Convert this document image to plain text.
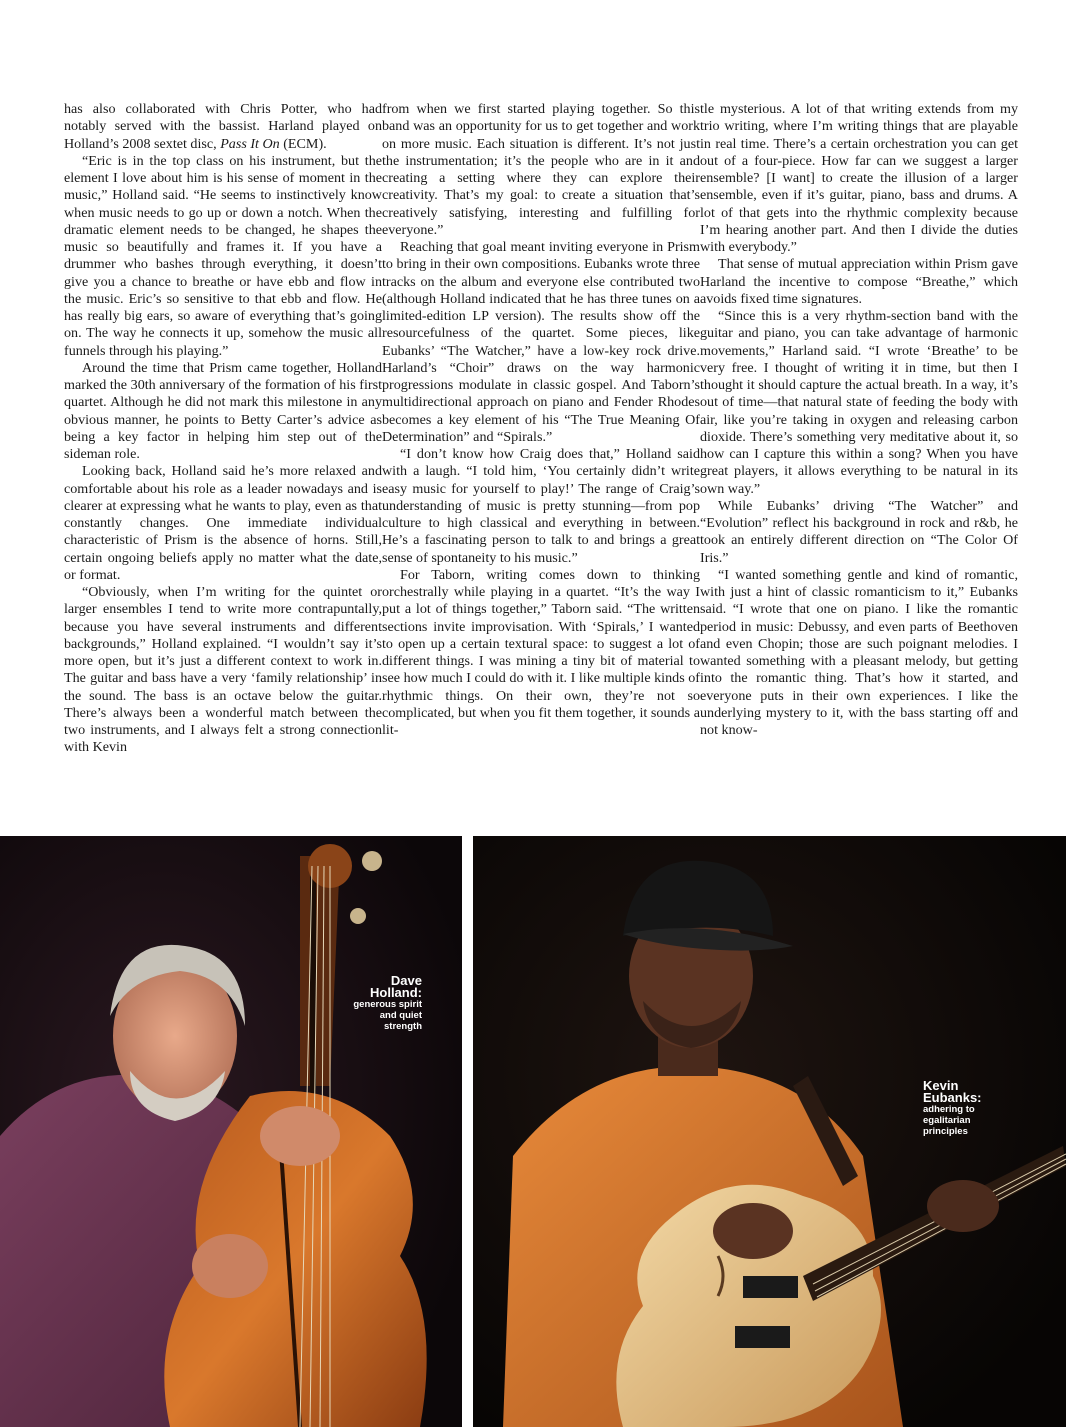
has also collaborated with Chris Potter, who had notably served with the bassist. Harland played on Holland’s 2008 sextet disc, Pass It On (ECM).

“Eric is in the top class on his instrument, but the element I love about him is his sense of moment in the music,” Holland said. “He seems to instinctively know when music needs to go up or down a notch. When the dramatic element needs to be changed, he shapes the music so beautifully and frames it. If you have a drummer who bashes through everything, it doesn’t give you a chance to breathe or have ebb and flow in the music. Eric’s so sensitive to that ebb and flow. He has really big ears, so aware of everything that’s going on. The way he connects it up, somehow the music all funnels through his playing.”

Around the time that Prism came together, Holland marked the 30th anniversary of the formation of his first quartet. Although he did not mark this milestone in any obvious manner, he points to Betty Carter’s advice as being a key factor in helping him step out of the sideman role.

Looking back, Holland said he’s more relaxed and comfortable about his role as a leader nowadays and is clearer at expressing what he wants to play, even as that constantly changes. One immediate individual characteristic of Prism is the absence of horns. Still, certain ongoing beliefs apply no matter what the date, or format.

“Obviously, when I’m writing for the quintet or larger ensembles I tend to write more contrapuntally, because you have several instruments and different backgrounds,” Holland explained. “I wouldn’t say it’s more open, but it’s just a different context to work in. The guitar and bass have a very ‘family relationship’ in the sound. The bass is an octave below the guitar. There’s always been a wonderful match between the two instruments, and I always felt a strong connection with Kevin

from when we first started playing together. So this band was an opportunity for us to get together and work on more music. Each situation is different. It’s not just the instrumentation; it’s the people who are in it and creating a setting where they can explore their creativity. That’s my goal: to create a situation that’s creatively satisfying, interesting and fulfilling for everyone.”

Reaching that goal meant inviting everyone in Prism to bring in their own compositions. Eubanks wrote three tracks on the album and everyone else contributed two (although Holland indicated that he has three tunes on a limited-edition LP version). The results show off the resourcefulness of the quartet. Some pieces, like Eubanks’ “The Watcher,” have a low-key rock drive. Harland’s “Choir” draws on the way harmonic progressions modulate in classic gospel. And Taborn’s multidirectional approach on piano and Fender Rhodes becomes a key element of his “The True Meaning Of Determination” and “Spirals.”

“I don’t know how Craig does that,” Holland said with a laugh. “I told him, ‘You certainly didn’t write easy music for yourself to play!’ The range of Craig’s understanding of music is pretty stunning—from pop culture to high classical and everything in between. He’s a fascinating person to talk to and brings a great sense of spontaneity to his music.”

For Taborn, writing comes down to thinking orchestrally while playing in a quartet. “It’s the way I put a lot of things together,” Taborn said. “The written sections invite improvisation. With ‘Spirals,’ I wanted to open up a certain textural space: to suggest a lot of different things. I was mining a tiny bit of material to see how much I could do with it. I like multiple kinds of rhythmic things. On their own, they’re not so complicated, but when you fit them together, it sounds a lit-

tle mysterious. A lot of that writing extends from my trio writing, where I’m writing things that are playable in real time. There’s a certain orchestration you can get out of a four-piece. How far can we suggest a larger ensemble? [I want] to create the illusion of a larger ensemble, even if it’s guitar, piano, bass and drums. A lot of that gets into the rhythmic complexity because I’m hearing another part. And then I divide the duties with everybody.”

That sense of mutual appreciation within Prism gave Harland the incentive to compose “Breathe,” which avoids fixed time signatures.

“Since this is a very rhythm-section band with the guitar and piano, you can take advantage of harmonic movements,” Harland said. “I wrote ‘Breathe’ to be very free. I thought of writing it in time, but then I thought it should capture the actual breath. In a way, it’s out of time—that natural state of feeding the body with air, like you’re taking in oxygen and releasing carbon dioxide. There’s something very meditative about it, so how can I capture this within a song? When you have great players, it allows everything to be natural in its own way.”

While Eubanks’ driving “The Watcher” and “Evolution” reflect his background in rock and r&b, he took an entirely different direction on “The Color Of Iris.”

“I wanted something gentle and kind of romantic, with just a hint of classic romanticism to it,” Eubanks said. “I wrote that one on piano. I like the romantic period in music: Debussy, and even parts of Beethoven and even Chopin; those are such poignant melodies. I wanted something with a pleasant melody, but getting into the romantic thing. That’s how it started, and everyone puts in their own experiences. I like the underlying mystery to it, with the bass starting off and not know-

Dave
Holland:
generous spirit
and quiet
strength
Kevin
Eubanks:
adhering to
egalitarian
principles
